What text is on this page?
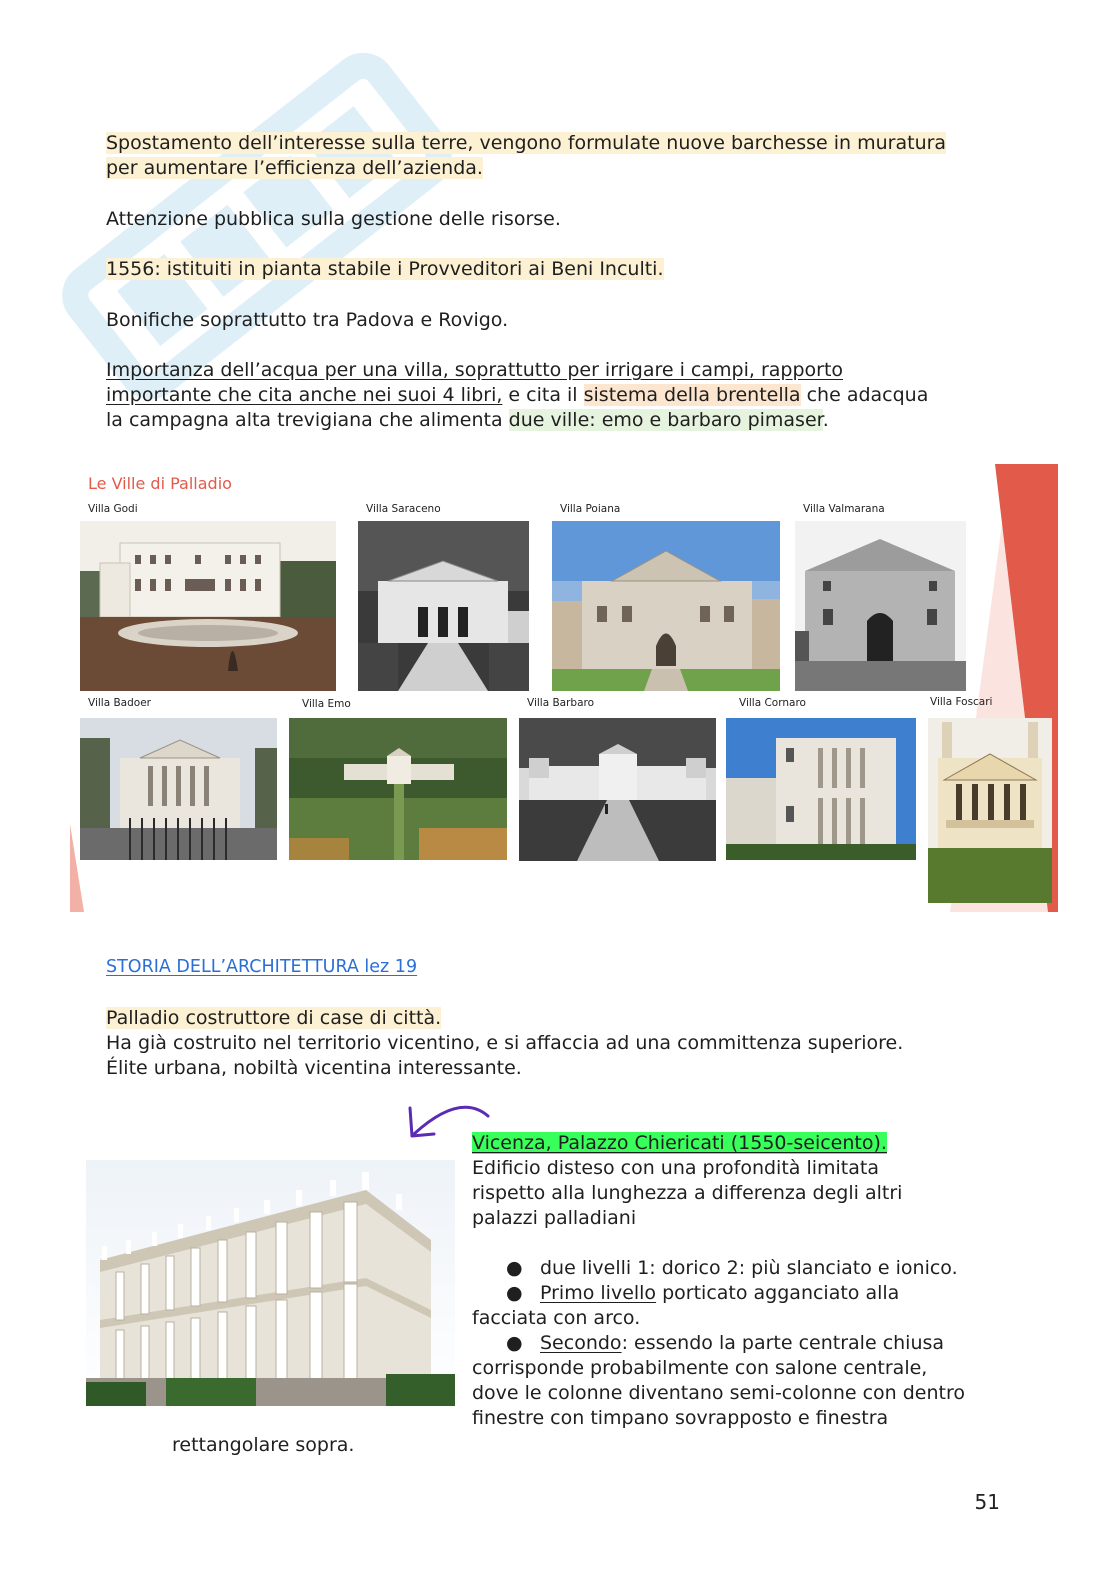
Spostamento dell’interesse sulla terre, vengono formulate nuove barchesse in muratura
per aumentare l’efficienza dell’azienda.

Attenzione pubblica sulla gestione delle risorse.

1556: istituiti in pianta stabile i Provveditori ai Beni Inculti.

Bonifiche soprattutto tra Padova e Rovigo.

Importanza dell’acqua per una villa, soprattutto per irrigare i campi, rapporto
importante che cita anche nei suoi 4 libri, e cita il sistema della brentella che adacqua
la campagna alta trevigiana che alimenta due ville: emo e barbaro pimaser.

Le Ville di Palladio
Villa Godi	Villa Saraceno	Villa Poiana	Villa Valmarana
Villa Badoer	Villa Emo	Villa Barbaro	Villa Cornaro	Villa Foscari
STORIA DELL’ARCHITETTURA lez 19

Palladio costruttore di case di città.
Ha già costruito nel territorio vicentino, e si affaccia ad una committenza superiore.
Élite urbana, nobiltà vicentina interessante.

Vicenza, Palazzo Chiericati (1550-seicento).
Edificio disteso con una profondità limitata
rispetto alla lunghezza a differenza degli altri
palazzi palladiani
● due livelli 1: dorico 2: più slanciato e ionico.
● Primo livello porticato agganciato alla
facciata con arco.
● Secondo: essendo la parte centrale chiusa
corrisponde probabilmente con salone centrale,
dove le colonne diventano semi-colonne con dentro
finestre con timpano sovrapposto e finestra
rettangolare sopra.
51
